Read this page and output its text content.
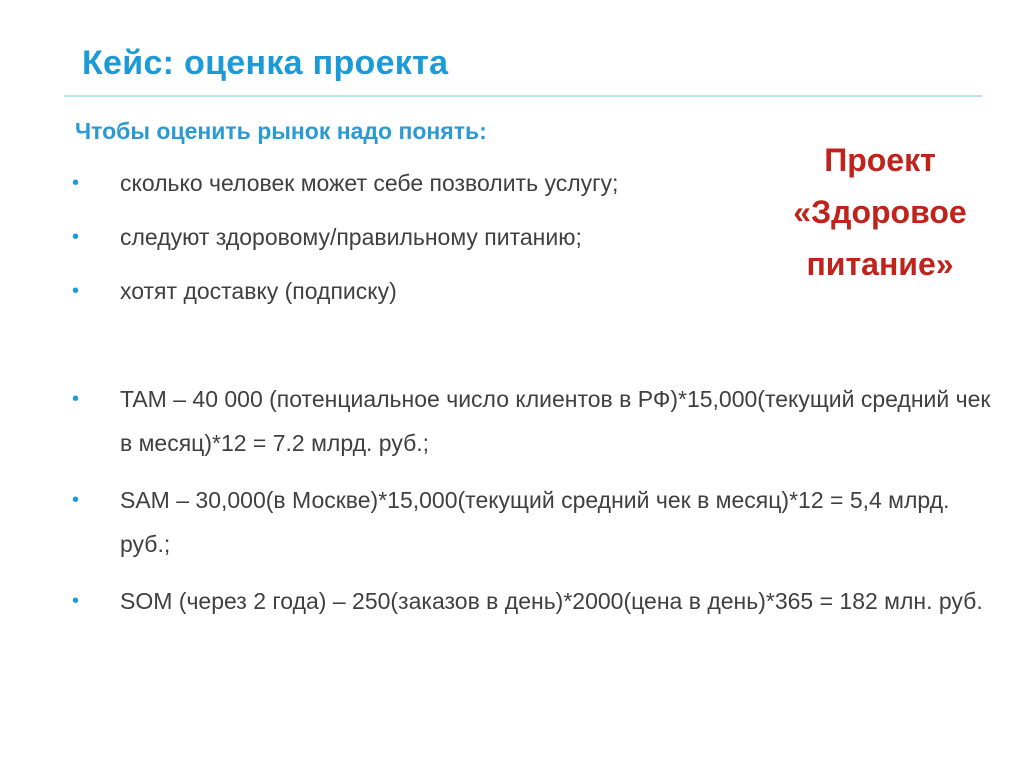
Кейс: оценка проекта
Чтобы оценить рынок надо понять:
•	сколько человек может себе позволить услугу;
•	следуют здоровому/правильному питанию;
•	хотят доставку (подписку)
•	TAM – 40 000 (потенциальное число клиентов в РФ)*15,000(текущий средний чек в месяц)*12 = 7.2 млрд. руб.;
•	SAM – 30,000(в Москве)*15,000(текущий средний чек в месяц)*12 = 5,4 млрд. руб.;
•	SOM (через 2 года) – 250(заказов в день)*2000(цена в день)*365 = 182 млн. руб.
Проект
«Здоровое
питание»
